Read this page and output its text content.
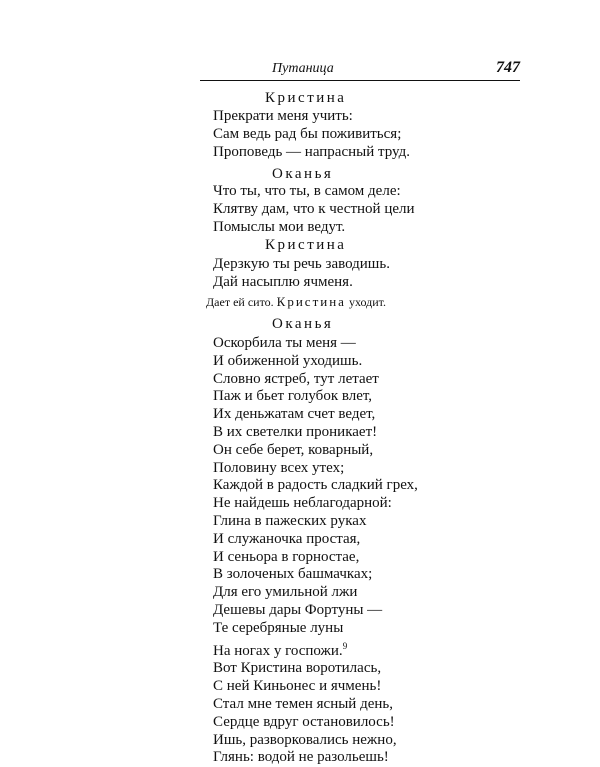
Путаница	747
Кристина
Прекрати меня учить:
Сам ведь рад бы поживиться;
Проповедь — напрасный труд.
Оканья
Что ты, что ты, в самом деле:
Клятву дам, что к честной цели
Помыслы мои ведут.
Кристина
Дерзкую ты речь заводишь.
Дай насыплю ячменя.
Дает ей сито. Кристина уходит.
Оканья
Оскорбила ты меня —
И обиженной уходишь.
Словно ястреб, тут летает
Паж и бьет голубок влет,
Их деньжатам счет ведет,
В их светелки проникает!
Он себе берет, коварный,
Половину всех утех;
Каждой в радость сладкий грех,
Не найдешь неблагодарной:
Глина в пажеских руках
И служаночка простая,
И сеньора в горностае,
В золоченых башмачках;
Для его умильной лжи
Дешевы дары Фортуны —
Те серебряные луны
На ногах у госпожи.$^9$
Вот Кристина воротилась,
С ней Киньонес и ячмень!
Стал мне темен ясный день,
Сердце вдруг остановилось!
Ишь, разворковались нежно,
Глянь: водой не разольешь!
